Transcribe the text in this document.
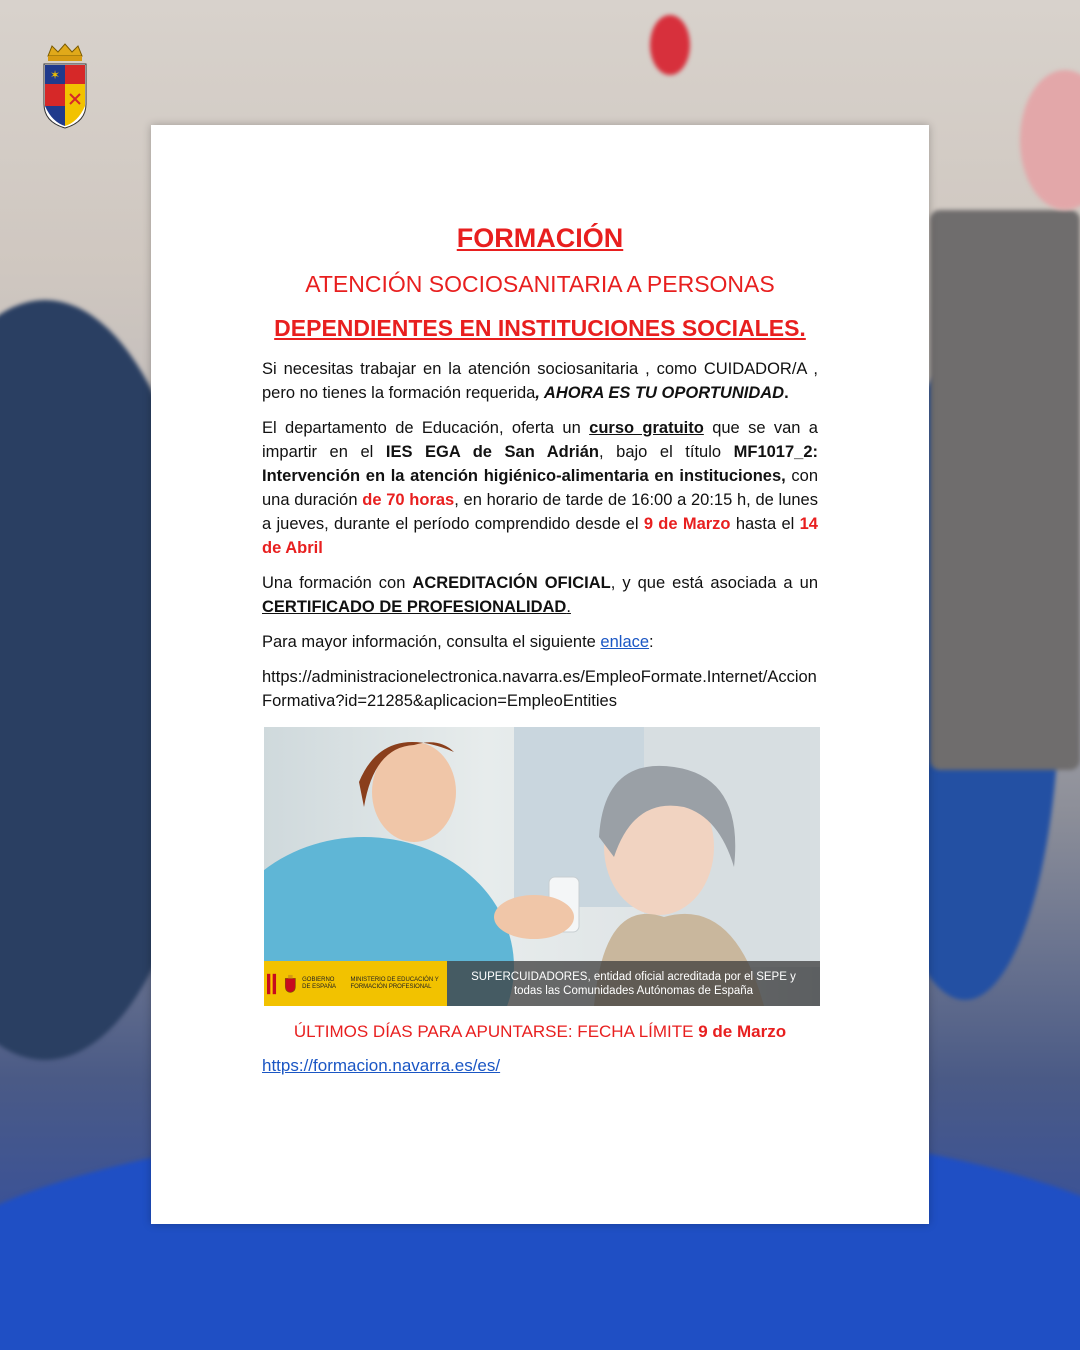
✶
FORMACIÓN
ATENCIÓN SOCIOSANITARIA A PERSONAS
DEPENDIENTES EN INSTITUCIONES SOCIALES.

Si necesitas trabajar en la atención sociosanitaria , como CUIDADOR/A , pero no tienes la formación requerida, AHORA ES TU OPORTUNIDAD.

El departamento de Educación, oferta un curso gratuito que se van a impartir en el IES EGA de San Adrián, bajo el título MF1017_2: Intervención en la atención higiénico-alimentaria en instituciones, con una duración de 70 horas, en horario de tarde de 16:00 a 20:15 h, de lunes a jueves, durante el período comprendido desde el 9 de Marzo hasta el 14 de Abril

Una formación con ACREDITACIÓN OFICIAL, y que está asociada a un CERTIFICADO DE PROFESIONALIDAD.

Para mayor información, consulta el siguiente enlace:

https://administracionelectronica.navarra.es/EmpleoFormate.Internet/AccionFormativa?id=21285&aplicacion=EmpleoEntities

GOBIERNO DE ESPAÑA
MINISTERIO DE EDUCACIÓN Y FORMACIÓN PROFESIONAL
SUPERCUIDADORES, entidad oficial acreditada por el SEPE y todas las Comunidades Autónomas de España

ÚLTIMOS DÍAS PARA APUNTARSE: FECHA LÍMITE 9 de Marzo

https://formacion.navarra.es/es/
